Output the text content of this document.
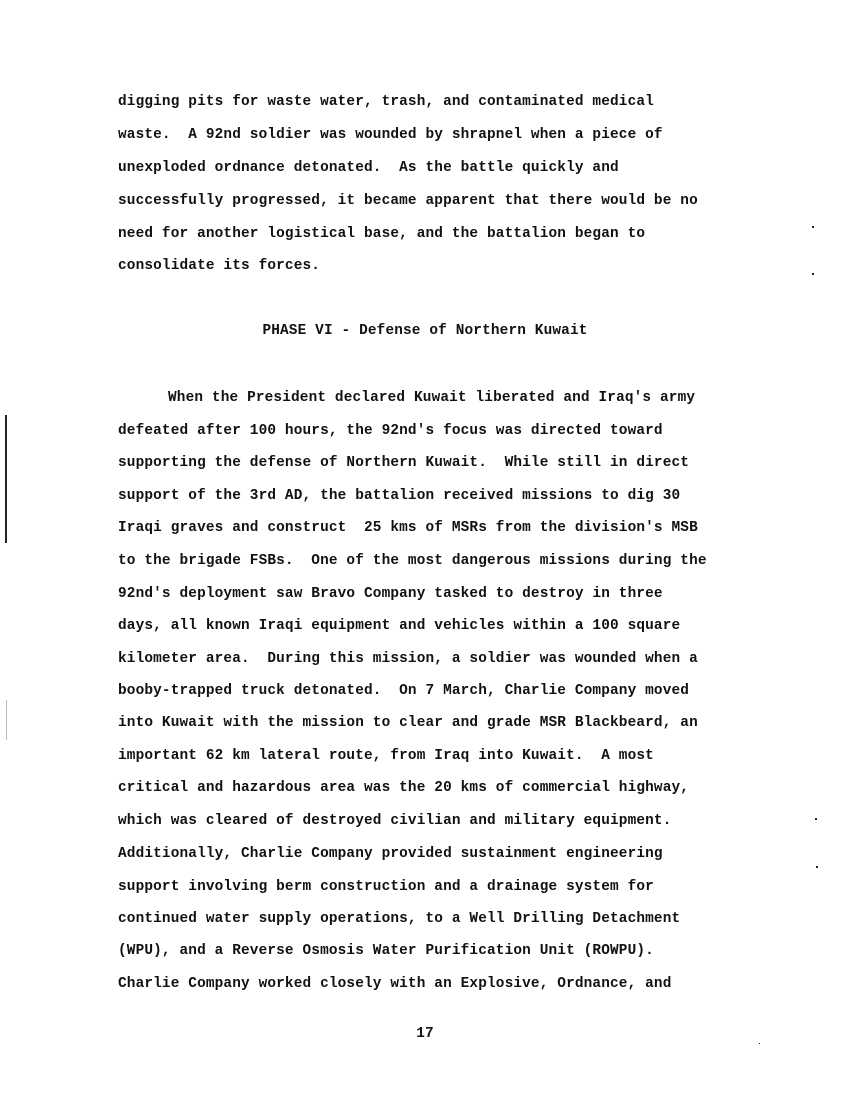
digging pits for waste water, trash, and contaminated medical
waste.  A 92nd soldier was wounded by shrapnel when a piece of
unexploded ordnance detonated.  As the battle quickly and
successfully progressed, it became apparent that there would be no
need for another logistical base, and the battalion began to
consolidate its forces.
PHASE VI - Defense of Northern Kuwait
When the President declared Kuwait liberated and Iraq's army
defeated after 100 hours, the 92nd's focus was directed toward
supporting the defense of Northern Kuwait.  While still in direct
support of the 3rd AD, the battalion received missions to dig 30
Iraqi graves and construct  25 kms of MSRs from the division's MSB
to the brigade FSBs.  One of the most dangerous missions during the
92nd's deployment saw Bravo Company tasked to destroy in three
days, all known Iraqi equipment and vehicles within a 100 square
kilometer area.  During this mission, a soldier was wounded when a
booby-trapped truck detonated.  On 7 March, Charlie Company moved
into Kuwait with the mission to clear and grade MSR Blackbeard, an
important 62 km lateral route, from Iraq into Kuwait.  A most
critical and hazardous area was the 20 kms of commercial highway,
which was cleared of destroyed civilian and military equipment.
Additionally, Charlie Company provided sustainment engineering
support involving berm construction and a drainage system for
continued water supply operations, to a Well Drilling Detachment
(WPU), and a Reverse Osmosis Water Purification Unit (ROWPU).
Charlie Company worked closely with an Explosive, Ordnance, and
17
